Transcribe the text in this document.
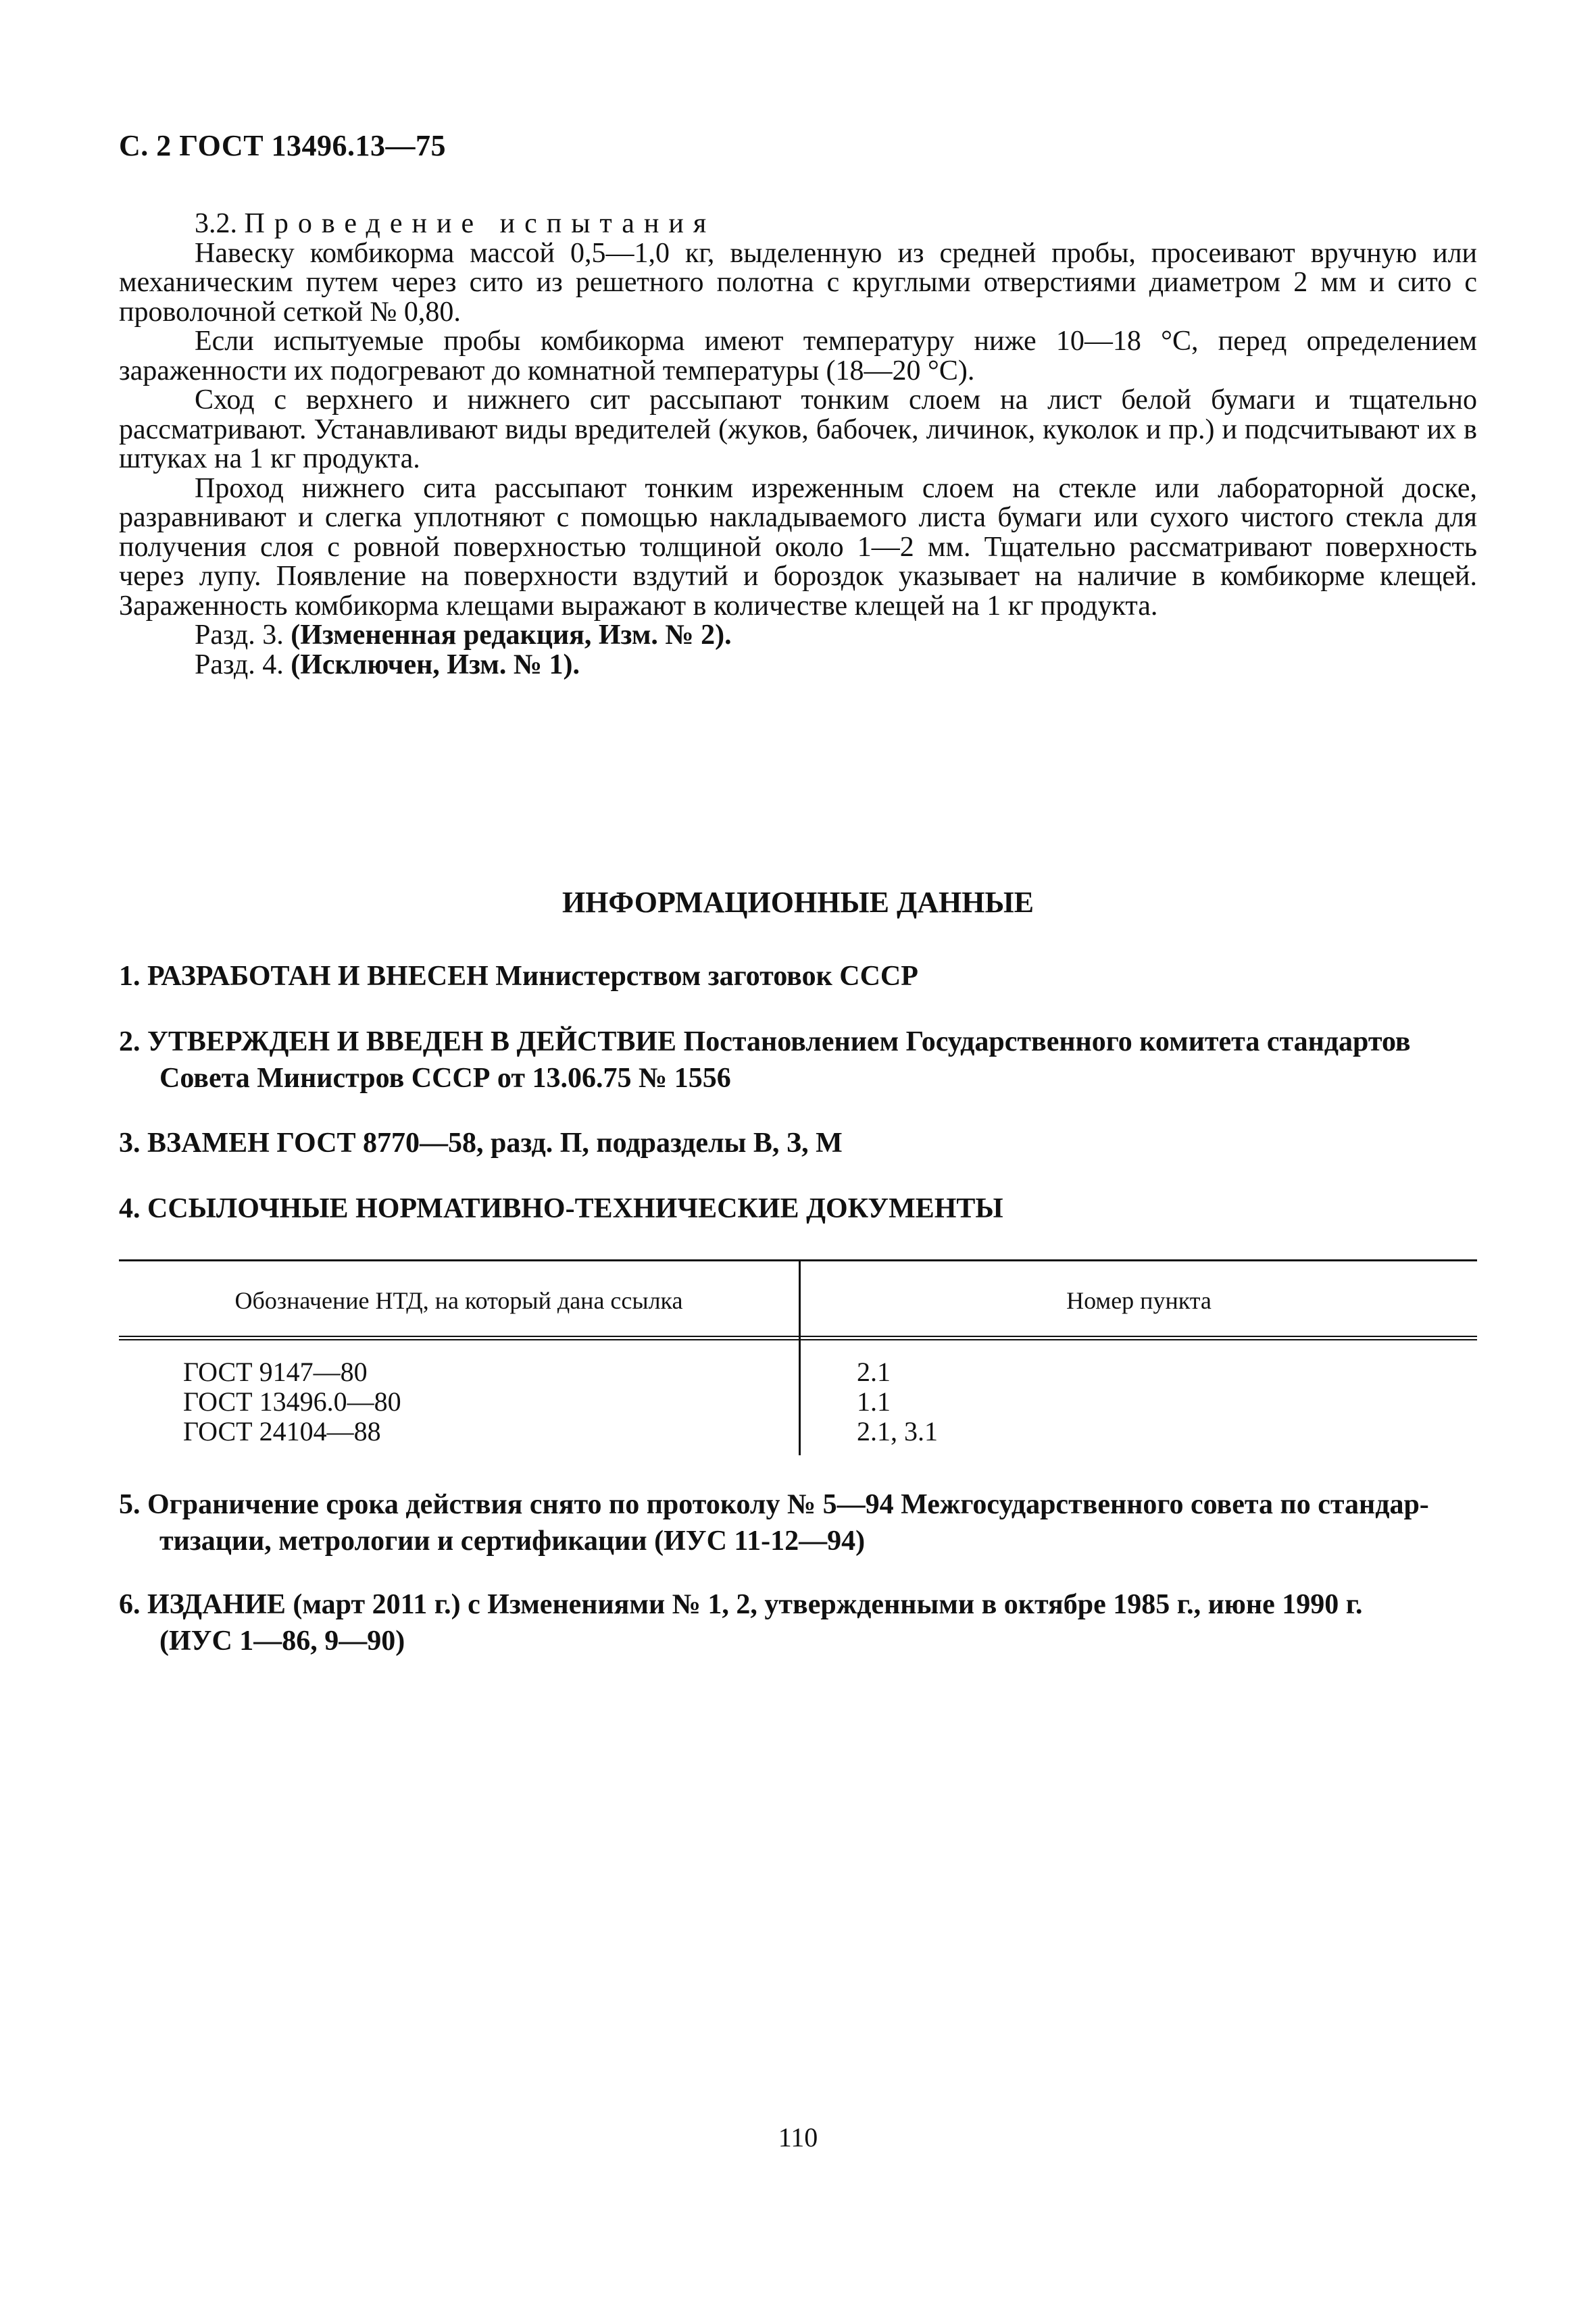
С. 2 ГОСТ 13496.13—75

3.2. Проведение испытания

Навеску комбикорма массой 0,5—1,0 кг, выделенную из средней пробы, просеивают вручную или механическим путем через сито из решетного полотна с круглыми отверстиями диаметром 2 мм и сито с проволочной сеткой № 0,80.

Если испытуемые пробы комбикорма имеют температуру ниже 10—18 °С, перед определением зараженности их подогревают до комнатной температуры (18—20 °С).

Сход с верхнего и нижнего сит рассыпают тонким слоем на лист белой бумаги и тщательно рассматривают. Устанавливают виды вредителей (жуков, бабочек, личинок, куколок и пр.) и подсчитывают их в штуках на 1 кг продукта.

Проход нижнего сита рассыпают тонким изреженным слоем на стекле или лабораторной доске, разравнивают и слегка уплотняют с помощью накладываемого листа бумаги или сухого чистого стекла для получения слоя с ровной поверхностью толщиной около 1—2 мм. Тщательно рассматривают поверхность через лупу. Появление на поверхности вздутий и бороздок указывает на наличие в комбикорме клещей. Зараженность комбикорма клещами выражают в количестве клещей на 1 кг продукта.

Разд. 3. (Измененная редакция, Изм. № 2).

Разд. 4. (Исключен, Изм. № 1).

ИНФОРМАЦИОННЫЕ ДАННЫЕ
1. РАЗРАБОТАН И ВНЕСЕН Министерством заготовок СССР
2. УТВЕРЖДЕН И ВВЕДЕН В ДЕЙСТВИЕ Постановлением Государственного комитета стандартов
Совета Министров СССР от 13.06.75 № 1556
3. ВЗАМЕН ГОСТ 8770—58, разд. П, подразделы В, З, М
4. ССЫЛОЧНЫЕ НОРМАТИВНО-ТЕХНИЧЕСКИЕ ДОКУМЕНТЫ
Обозначение НТД, на который дана ссылка	Номер пункта
ГОСТ 9147—80
ГОСТ 13496.0—80
ГОСТ 24104—88
2.1
1.1
2.1, 3.1
5. Ограничение срока действия снято по протоколу № 5—94 Межгосударственного совета по стандар-
тизации, метрологии и сертификации (ИУС 11-12—94)
6. ИЗДАНИЕ (март 2011 г.) с Изменениями № 1, 2, утвержденными в октябре 1985 г., июне 1990 г.
(ИУС 1—86, 9—90)
110
